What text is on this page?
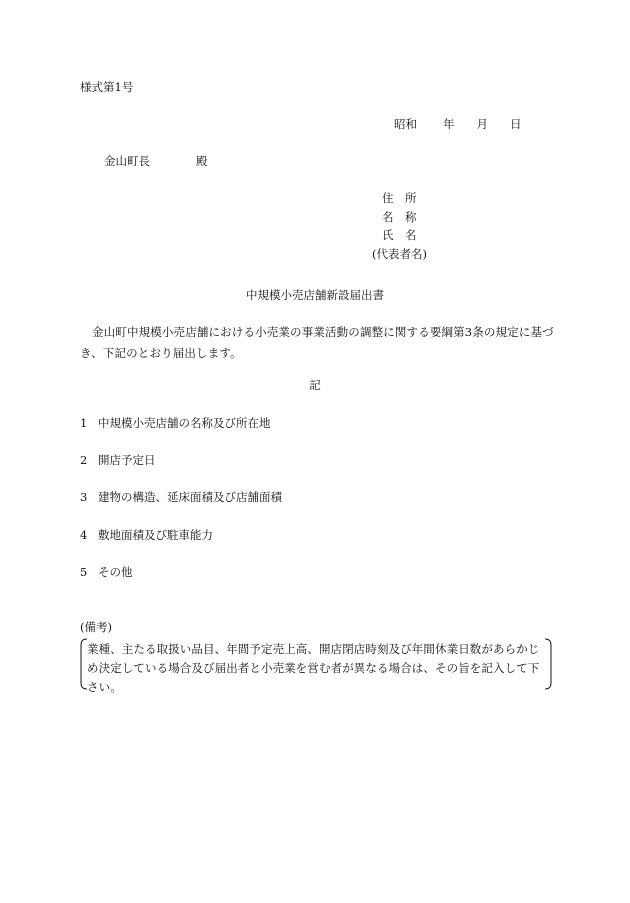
様式第1号
昭和 年 月 日
金山町長	殿
住　所
名　称
氏　名
(代表者名)
中規模小売店舗新設届出書
金山町中規模小売店舗における小売業の事業活動の調整に関する要綱第3条の規定に基づき、下記のとおり届出します。
記
1 中規模小売店舗の名称及び所在地
2 開店予定日
3 建物の構造、延床面積及び店舗面積
4 敷地面積及び駐車能力
5 その他
(備考)
業種、主たる取扱い品目、年間予定売上高、開店閉店時刻及び年間休業日数があらかじめ決定している場合及び届出者と小売業を営む者が異なる場合は、その旨を記入して下さい。
